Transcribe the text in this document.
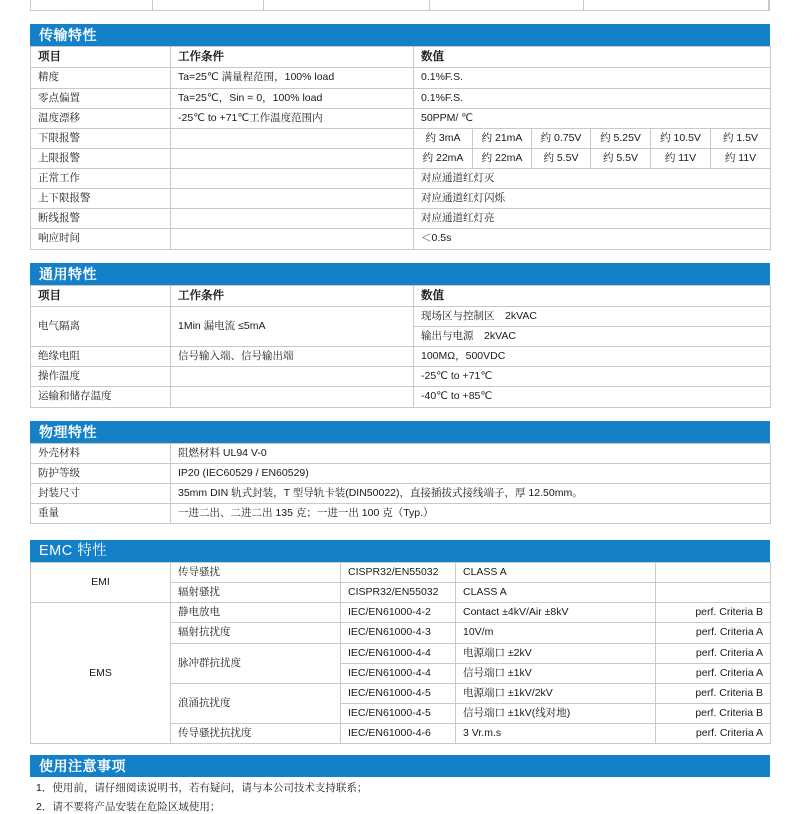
传输特性
项目	工作条件	数值					
精度	Ta=25℃ 满量程范围，100% load	0.1%F.S.					
零点偏置	Ta=25℃，Sin = 0，100% load	0.1%F.S.					
温度漂移	-25℃ to +71℃工作温度范围内	50PPM/ ℃					
下限报警		约 3mA	约 21mA	约 0.75V	约 5.25V	约 10.5V	约 1.5V
上限报警		约 22mA	约 22mA	约 5.5V	约 5.5V	约 11V	约 11V
正常工作		对应通道红灯灭					
上下限报警		对应通道红灯闪烁					
断线报警		对应通道红灯亮					
响应时间		＜0.5s					
通用特性
项目	工作条件	数值
电气隔离	1Min 漏电流 ≤5mA	现场区与控制区　2kVAC
		输出与电源　2kVAC
绝缘电阻	信号输入端、信号输出端	100MΩ，500VDC
操作温度		-25℃ to +71℃
运输和储存温度		-40℃ to +85℃
物理特性
外壳材料	阻燃材料 UL94 V-0
防护等级	IP20 (IEC60529 / EN60529)
封装尺寸	35mm DIN 轨式封装，T 型导轨卡装(DIN50022)，直接插拔式接线端子，厚 12.50mm。
重量	一进二出、二进二出 135 克；一进一出 100 克（Typ.）
EMC 特性
EMI	传导骚扰	CISPR32/EN55032	CLASS A	
	辐射骚扰	CISPR32/EN55032	CLASS A	
EMS	静电放电	IEC/EN61000-4-2	Contact ±4kV/Air ±8kV	perf. Criteria B
	辐射抗扰度	IEC/EN61000-4-3	10V/m	perf. Criteria A
	脉冲群抗扰度	IEC/EN61000-4-4	电源端口 ±2kV	perf. Criteria A
		IEC/EN61000-4-4	信号端口 ±1kV	perf. Criteria A
	浪涌抗扰度	IEC/EN61000-4-5	电源端口 ±1kV/2kV	perf. Criteria B
		IEC/EN61000-4-5	信号端口 ±1kV(线对地)	perf. Criteria B
	传导骚扰抗扰度	IEC/EN61000-4-6	3 Vr.m.s	perf. Criteria A
使用注意事项
1．使用前，请仔细阅读说明书，若有疑问，请与本公司技术支持联系；
2．请不要将产品安装在危险区域使用；
